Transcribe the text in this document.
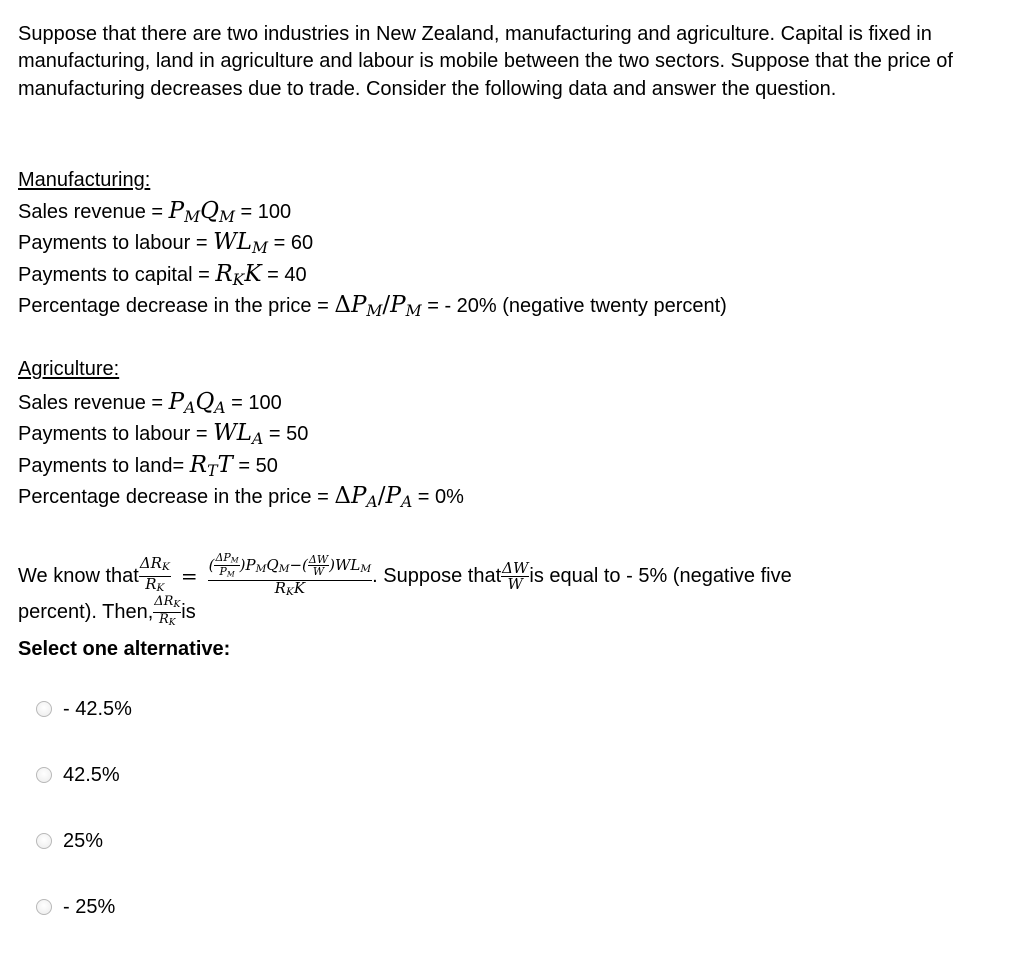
Suppose that there are two industries in New Zealand, manufacturing and agriculture. Capital is fixed in manufacturing, land in agriculture and labour is mobile between the two sectors. Suppose that the price of manufacturing decreases due to trade. Consider the following data and answer the question.
Manufacturing:
Sales revenue = $P_MQ_M = 100$
Payments to labour = $WL_M = 60$
Payments to capital = $R_KK = 40$
Percentage decrease in the price = $\Delta P_M/P_M$ = - 20% (negative twenty percent)
Agriculture:
Sales revenue = $P_AQ_A = 100$
Payments to labour = $WL_A = 50$
Payments to land= $R_TT = 50$
Percentage decrease in the price = $\Delta P_A/P_A = 0\%$
We know that $\frac{\Delta R_K}{R_K} = \frac{( \frac{\Delta P_M}{P_M} )P_MQ_M-( \frac{\Delta W}{W} )WL_M}{R_KK}$ . Suppose that $\frac{\Delta W}{W}$ is equal to - 5% (negative five
percent). Then, $\frac{\Delta R_K}{R_K}$ is
Select one alternative:
- 42.5%
42.5%
25%
- 25%
